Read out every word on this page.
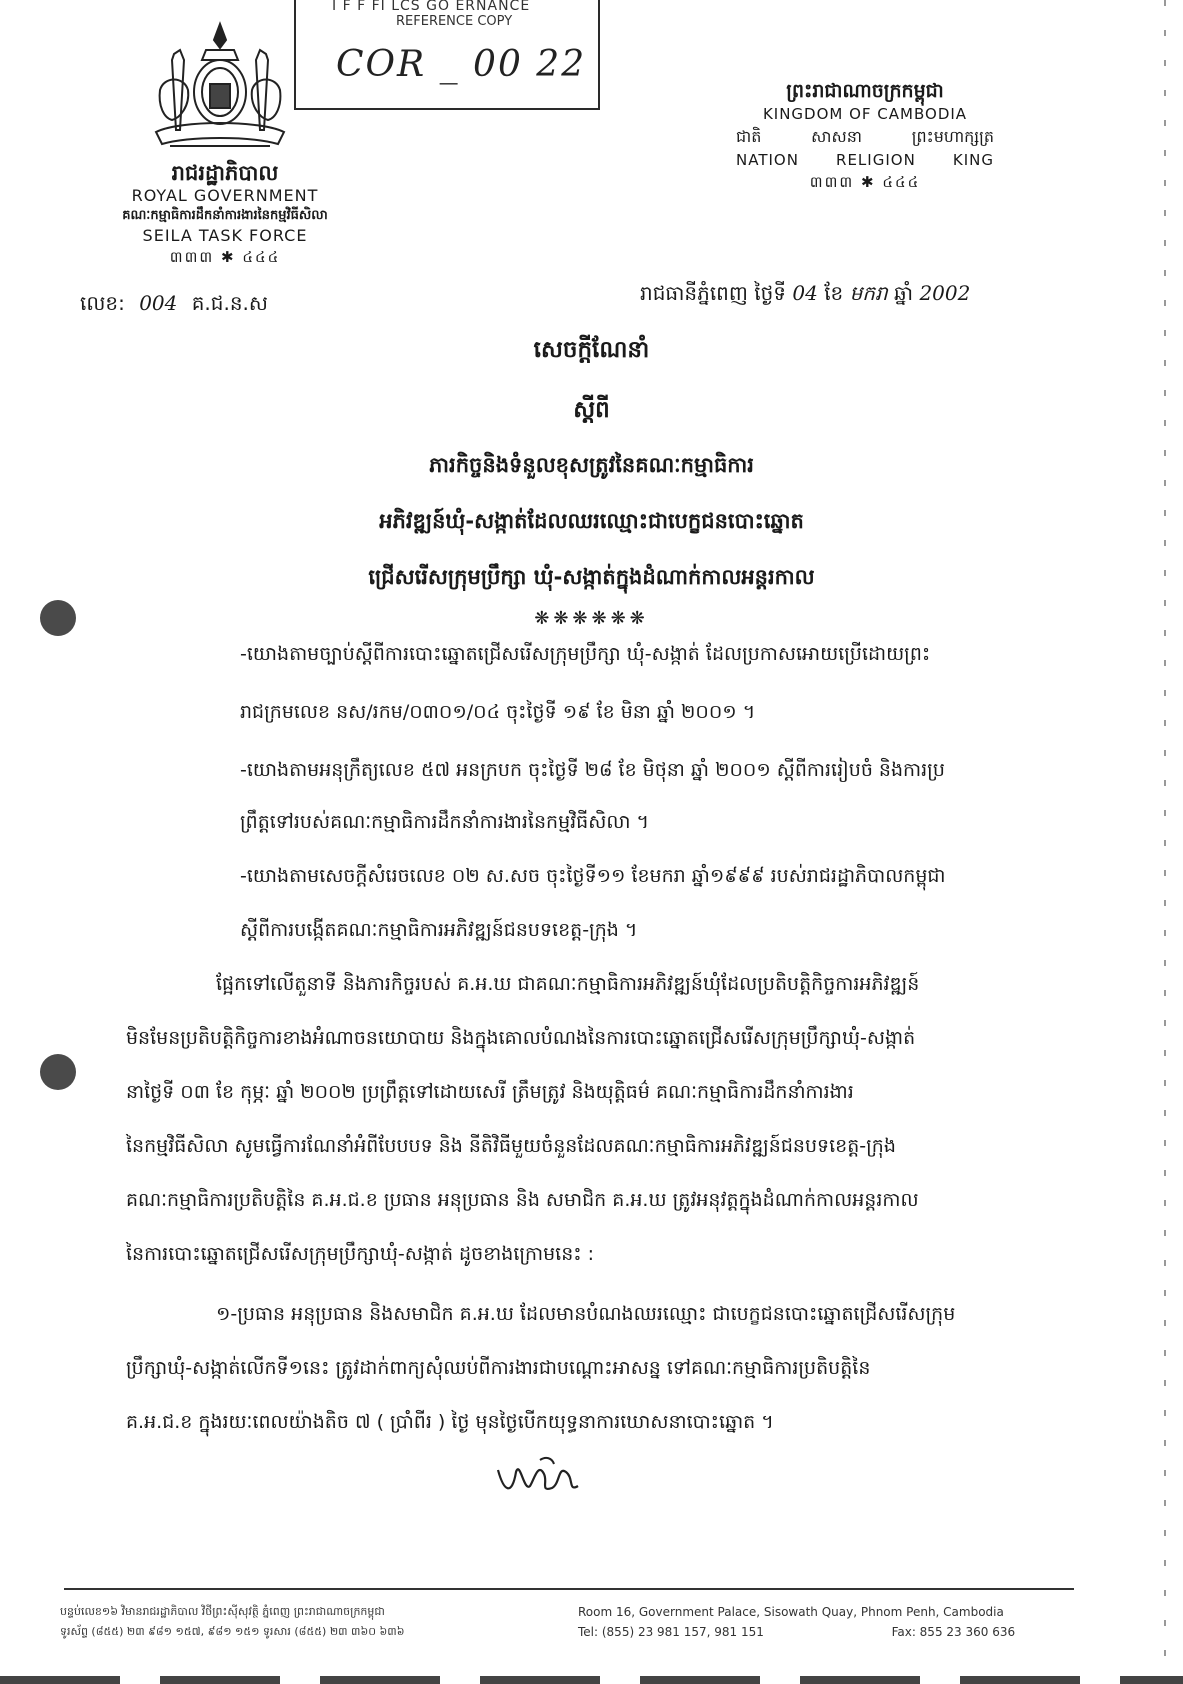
I F F FI LCS GO ERNANCE
REFERENCE COPY
COR _ 00 22
រាជរដ្ឋាភិបាល
ROYAL GOVERNMENT
គណៈកម្មាធិការដឹកនាំការងារនៃកម្មវិធីសិលា
SEILA TASK FORCE
៣៣៣ ✱ ៤៤៤
លេខ: 004 គ.ជ.ន.ស
ព្រះរាជាណាចក្រកម្ពុជា
KINGDOM OF CAMBODIA
ជាតិ	សាសនា	ព្រះមហាក្សត្រ
NATION RELIGION KING
៣៣៣ ✱ ៤៤៤
រាជធានីភ្នំពេញ ថ្ងៃទី 04 ខែ មករា ឆ្នាំ 2002
សេចក្តីណែនាំ
ស្តីពី
ភារកិច្ចនិងទំនួលខុសត្រូវនៃគណៈកម្មាធិការ
អភិវឌ្ឍន៍ឃុំ-សង្កាត់ដែលឈរឈ្មោះជាបេក្ខជនបោះឆ្នោត
ជ្រើសរើសក្រុមប្រឹក្សា ឃុំ-សង្កាត់ក្នុងដំណាក់កាលអន្តរកាល
❋❋❋❋❋❋
-យោងតាមច្បាប់ស្តីពីការបោះឆ្នោតជ្រើសរើសក្រុមប្រឹក្សា ឃុំ-សង្កាត់ ដែលប្រកាសអោយប្រើដោយព្រះ
រាជក្រមលេខ នស/រកម/០៣០១/០៤ ចុះថ្ងៃទី ១៩ ខែ មិនា ឆ្នាំ ២០០១ ។
-យោងតាមអនុក្រឹត្យលេខ ៥៧ អនក្របក ចុះថ្ងៃទី ២៨ ខែ មិថុនា ឆ្នាំ ២០០១ ស្តីពីការរៀបចំ និងការប្រ
ព្រឹត្តទៅរបស់គណៈកម្មាធិការដឹកនាំការងារនៃកម្មវិធីសិលា ។
-យោងតាមសេចក្តីសំរេចលេខ ០២ ស.សច ចុះថ្ងៃទី១១ ខែមករា ឆ្នាំ១៩៩៩ របស់រាជរដ្ឋាភិបាលកម្ពុជា
ស្តីពីការបង្កើតគណៈកម្មាធិការអភិវឌ្ឍន៍ជនបទខេត្ត-ក្រុង ។
ផ្អែកទៅលើតួនាទី និងភារកិច្ចរបស់ គ.អ.ឃ ជាគណៈកម្មាធិការអភិវឌ្ឍន៍ឃុំដែលប្រតិបត្តិកិច្ចការអភិវឌ្ឍន៍
មិនមែនប្រតិបត្តិកិច្ចការខាងអំណាចនយោបាយ និងក្នុងគោលបំណងនៃការបោះឆ្នោតជ្រើសរើសក្រុមប្រឹក្សាឃុំ-សង្កាត់
នាថ្ងៃទី ០៣ ខែ កុម្ភៈ ឆ្នាំ ២០០២ ប្រព្រឹត្តទៅដោយសេរី ត្រឹមត្រូវ និងយុត្តិធម៌ គណៈកម្មាធិការដឹកនាំការងារ
នៃកម្មវិធីសិលា សូមធ្វើការណែនាំអំពីបែបបទ និង នីតិវិធីមួយចំនួនដែលគណៈកម្មាធិការអភិវឌ្ឍន៍ជនបទខេត្ត-ក្រុង
គណៈកម្មាធិការប្រតិបត្តិនៃ គ.អ.ជ.ខ ប្រធាន អនុប្រធាន និង សមាជិក គ.អ.ឃ ត្រូវអនុវត្តក្នុងដំណាក់កាលអន្តរកាល
នៃការបោះឆ្នោតជ្រើសរើសក្រុមប្រឹក្សាឃុំ-សង្កាត់ ដូចខាងក្រោមនេះ :
១-ប្រធាន អនុប្រធាន និងសមាជិក គ.អ.ឃ ដែលមានបំណងឈរឈ្មោះ ជាបេក្ខជនបោះឆ្នោតជ្រើសរើសក្រុម
ប្រឹក្សាឃុំ-សង្កាត់លើកទី១នេះ ត្រូវដាក់ពាក្យសុំឈប់ពីការងារជាបណ្តោះអាសន្ន ទៅគណៈកម្មាធិការប្រតិបត្តិនៃ
គ.អ.ជ.ខ ក្នុងរយៈពេលយ៉ាងតិច ៧ ( ប្រាំពីរ ) ថ្ងៃ មុនថ្ងៃបើកយុទ្ធនាការឃោសនាបោះឆ្នោត ។
បន្ទប់លេខ១៦ វិមានរាជរដ្ឋាភិបាល វិថីព្រះស៊ីសុវត្ថិ ភ្នំពេញ ព្រះរាជាណាចក្រកម្ពុជា
ទូរស័ព្ទ (៨៥៥) ២៣ ៩៨១ ១៥៧, ៩៨១ ១៥១ ទូរសារ (៨៥៥) ២៣ ៣៦០ ៦៣៦
Room 16, Government Palace, Sisowath Quay, Phnom Penh, Cambodia
Tel: (855) 23 981 157, 981 151	Fax: 855 23 360 636
